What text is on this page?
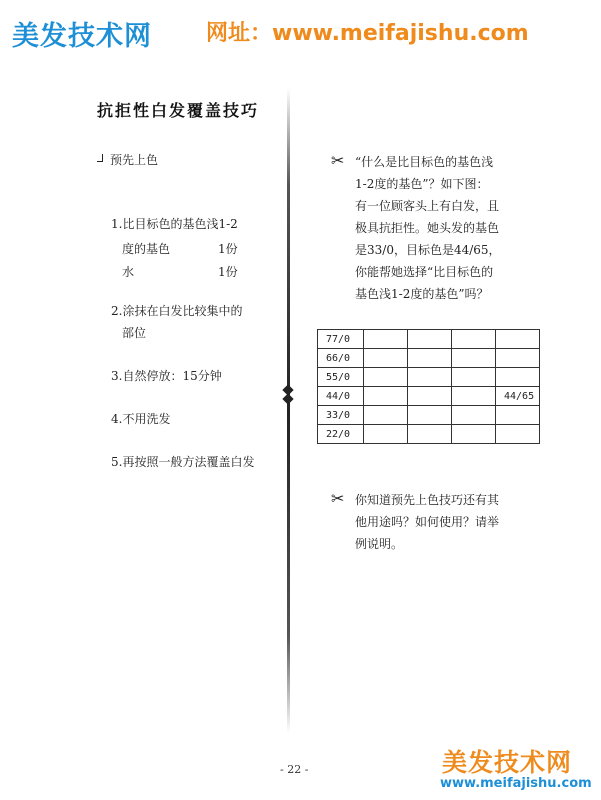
美发技术网 网址：www.meifajishu.com
抗拒性白发覆盖技巧
预先上色
1.比目标色的基色浅1-2
度的基色	1份
水	1份
2.涂抹在白发比较集中的
部位
3.自然停放：15分钟
4.不用洗发
5.再按照一般方法覆盖白发
✂ “什么是比目标色的基色浅
1-2度的基色”？如下图：
有一位顾客头上有白发，且
极具抗拒性。她头发的基色
是33/0，目标色是44/65，
你能帮她选择“比目标色的
基色浅1-2度的基色”吗？
77/0				
66/0				
55/0				
44/0				44/65
33/0				
22/0				
✂ 你知道预先上色技巧还有其
他用途吗？如何使用？请举
例说明。
- 22 -	美发技术网
www.meifajishu.com
